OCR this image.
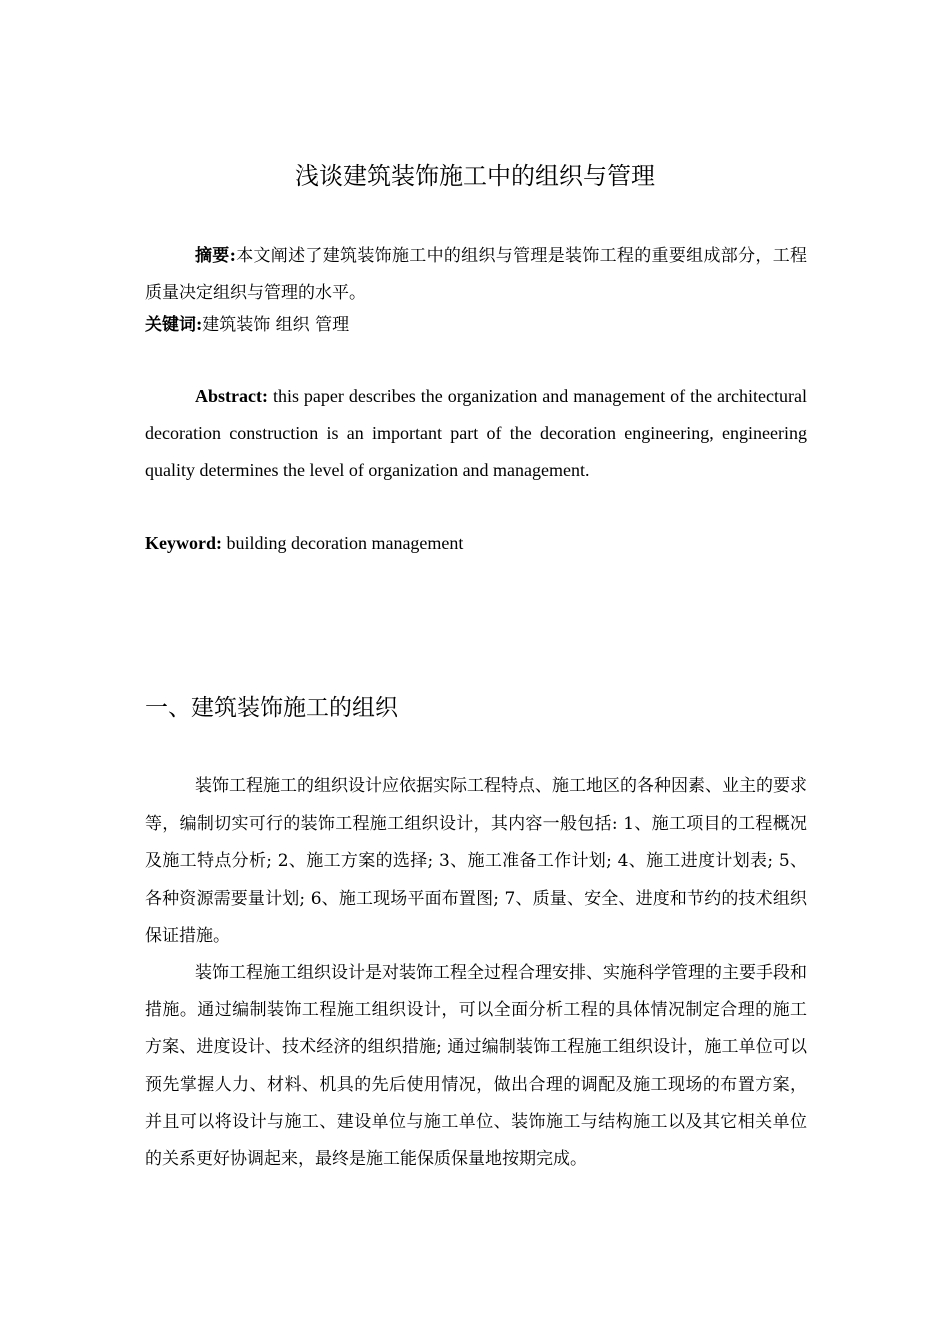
浅谈建筑装饰施工中的组织与管理

摘要:本文阐述了建筑装饰施工中的组织与管理是装饰工程的重要组成部分，工程质量决定组织与管理的水平。

关键词:建筑装饰 组织 管理

Abstract: this paper describes the organization and management of the architectural decoration construction is an important part of the decoration engineering, engineering quality determines the level of organization and management.

Keyword: building decoration management

一、建筑装饰施工的组织

装饰工程施工的组织设计应依据实际工程特点、施工地区的各种因素、业主的要求等，编制切实可行的装饰工程施工组织设计，其内容一般包括: 1、施工项目的工程概况及施工特点分析; 2、施工方案的选择; 3、施工准备工作计划; 4、施工进度计划表; 5、各种资源需要量计划; 6、施工现场平面布置图; 7、质量、安全、进度和节约的技术组织保证措施。

装饰工程施工组织设计是对装饰工程全过程合理安排、实施科学管理的主要手段和措施。通过编制装饰工程施工组织设计，可以全面分析工程的具体情况制定合理的施工方案、进度设计、技术经济的组织措施; 通过编制装饰工程施工组织设计，施工单位可以预先掌握人力、材料、机具的先后使用情况，做出合理的调配及施工现场的布置方案，并且可以将设计与施工、建设单位与施工单位、装饰施工与结构施工以及其它相关单位的关系更好协调起来，最终是施工能保质保量地按期完成。
